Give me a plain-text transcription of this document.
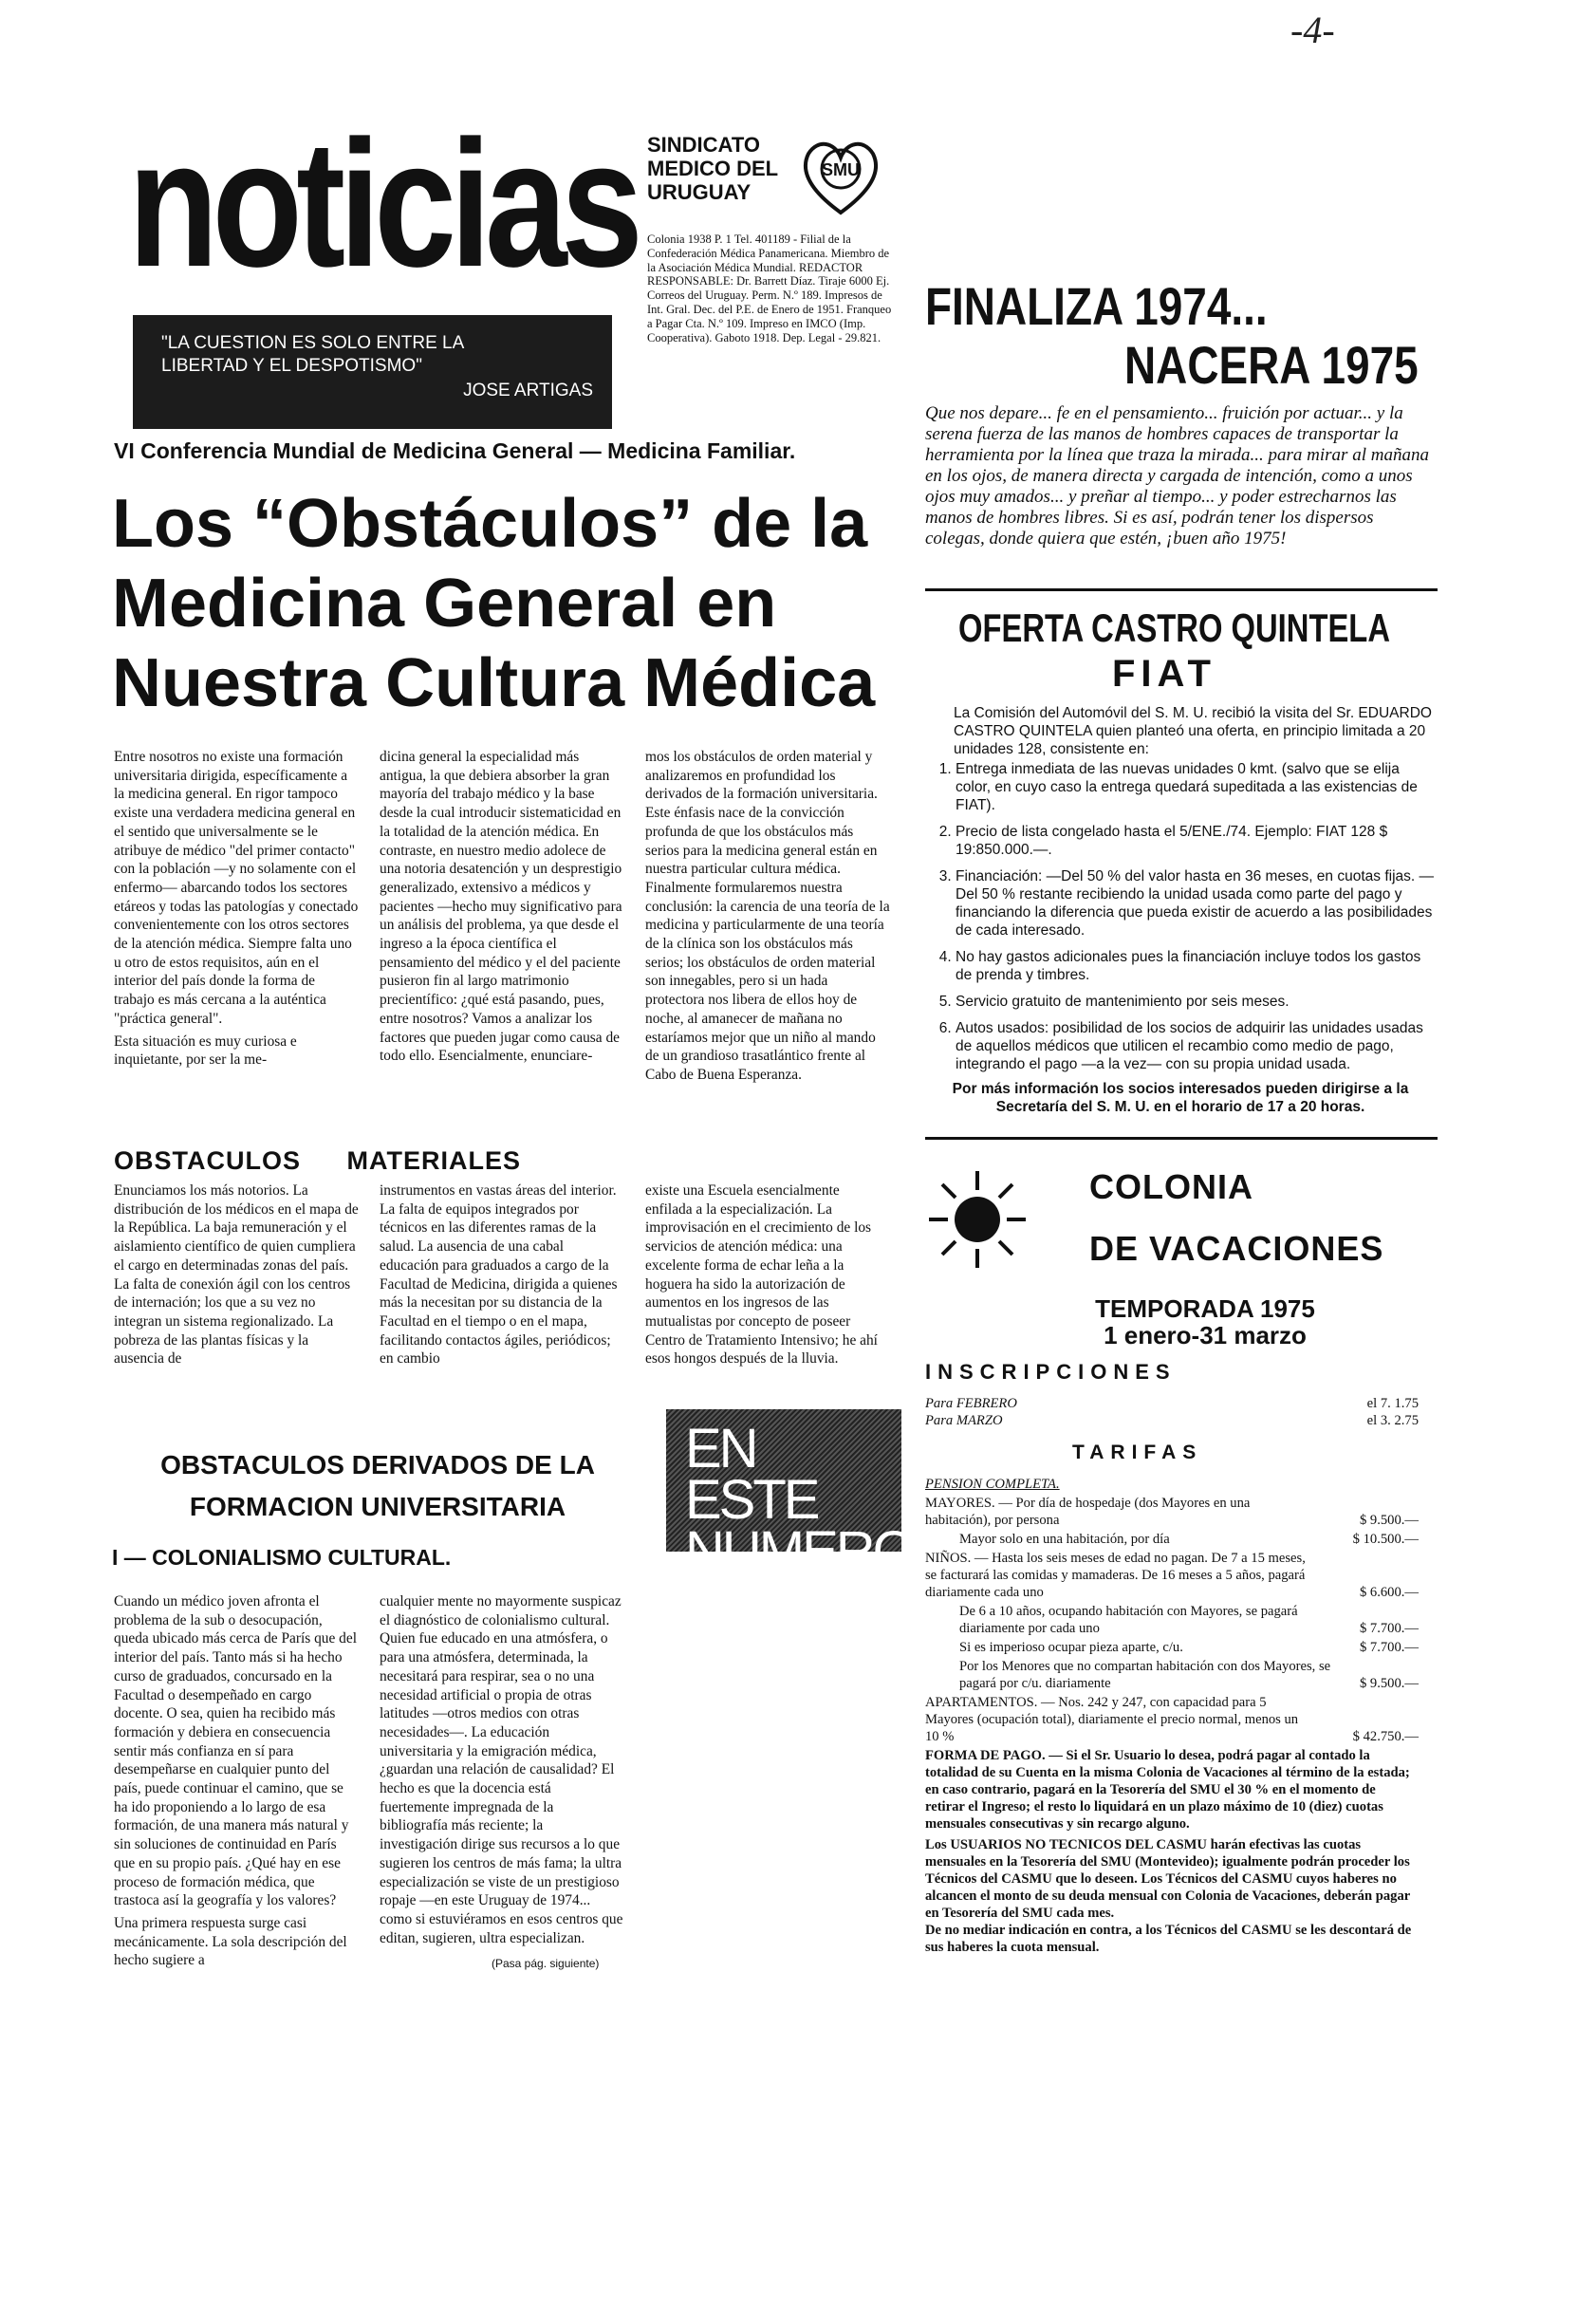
-4-
noticias
"LA CUESTION ES SOLO ENTRE LA LIBERTAD Y EL DESPOTISMO"
JOSE ARTIGAS
SINDICATO
MEDICO DEL
URUGUAY
SMU
Colonia 1938 P. 1 Tel. 401189 - Filial de la Confederación Médica Panamericana. Miembro de la Asociación Médica Mundial. REDACTOR RESPONSABLE: Dr. Barrett Díaz. Tiraje 6000 Ej. Correos del Uruguay. Perm. N.º 189. Impresos de Int. Gral. Dec. del P.E. de Enero de 1951. Franqueo a Pagar Cta. N.º 109. Impreso en IMCO (Imp. Cooperativa). Gaboto 1918. Dep. Legal - 29.821.
VI Conferencia Mundial de Medicina General — Medicina Familiar.
Los “Obstáculos” de la Medicina General en Nuestra Cultura Médica

Entre nosotros no existe una formación universitaria dirigida, específicamente a la medicina general. En rigor tampoco existe una verdadera medicina general en el sentido que universalmente se le atribuye de médico "del primer contacto" con la población —y no solamente con el enfermo— abarcando todos los sectores etáreos y todas las patologías y conectado convenientemente con los otros sectores de la atención médica. Siempre falta uno u otro de estos requisitos, aún en el interior del país donde la forma de trabajo es más cercana a la auténtica "práctica general".

Esta situación es muy curiosa e inquietante, por ser la me-

dicina general la especialidad más antigua, la que debiera absorber la gran mayoría del trabajo médico y la base desde la cual introducir sistematicidad en la totalidad de la atención médica. En contraste, en nuestro medio adolece de una notoria desatención y un desprestigio generalizado, extensivo a médicos y pacientes —hecho muy significativo para un análisis del problema, ya que desde el ingreso a la época científica el pensamiento del médico y el del paciente pusieron fin al largo matrimonio precientífico: ¿qué está pasando, pues, entre nosotros? Vamos a analizar los factores que pueden jugar como causa de todo ello. Esencialmente, enunciare-
mos los obstáculos de orden material y analizaremos en profundidad los derivados de la formación universitaria. Este énfasis nace de la convicción profunda de que los obstáculos más serios para la medicina general están en nuestra particular cultura médica. Finalmente formularemos nuestra conclusión: la carencia de una teoría de la medicina y particularmente de una teoría de la clínica son los obstáculos más serios; los obstáculos de orden material son innegables, pero si un hada protectora nos libera de ellos hoy de noche, al amanecer de mañana no estaríamos mejor que un niño al mando de un grandioso trasatlántico frente al Cabo de Buena Esperanza.
OBSTACULOS MATERIALES
Enunciamos los más notorios. La distribución de los médicos en el mapa de la República. La baja remuneración y el aislamiento científico de quien cumpliera el cargo en determinadas zonas del país. La falta de conexión ágil con los centros de internación; los que a su vez no integran un sistema regionalizado. La pobreza de las plantas físicas y la ausencia de
instrumentos en vastas áreas del interior. La falta de equipos integrados por técnicos en las diferentes ramas de la salud. La ausencia de una cabal educación para graduados a cargo de la Facultad de Medicina, dirigida a quienes más la necesitan por su distancia de la Facultad en el tiempo o en el mapa, facilitando contactos ágiles, periódicos; en cambio
existe una Escuela esencialmente enfilada a la especialización. La improvisación en el crecimiento de los servicios de atención médica: una excelente forma de echar leña a la hoguera ha sido la autorización de aumentos en los ingresos de las mutualistas por concepto de poseer Centro de Tratamiento Intensivo; he ahí esos hongos después de la lluvia.
EN ESTE NUMERO
OBSTACULOS DERIVADOS DE LA FORMACION UNIVERSITARIA
I — COLONIALISMO CULTURAL.

Cuando un médico joven afronta el problema de la sub o desocupación, queda ubicado más cerca de París que del interior del país. Tanto más si ha hecho curso de graduados, concursado en la Facultad o desempeñado en cargo docente. O sea, quien ha recibido más formación y debiera en consecuencia sentir más confianza en sí para desempeñarse en cualquier punto del país, puede continuar el camino, que se ha ido proponiendo a lo largo de esa formación, de una manera más natural y sin soluciones de continuidad en París que en su propio país. ¿Qué hay en ese proceso de formación médica, que trastoca así la geografía y los valores?

Una primera respuesta surge casi mecánicamente. La sola descripción del hecho sugiere a

cualquier mente no mayormente suspicaz el diagnóstico de colonialismo cultural. Quien fue educado en una atmósfera, o para una atmósfera, determinada, la necesitará para respirar, sea o no una necesidad artificial o propia de otras latitudes —otros medios con otras necesidades—. La educación universitaria y la emigración médica, ¿guardan una relación de causalidad? El hecho es que la docencia está fuertemente impregnada de la bibliografía más reciente; la investigación dirige sus recursos a lo que sugieren los centros de más fama; la ultra especialización se viste de un prestigioso ropaje —en este Uruguay de 1974... como si estuviéramos en esos centros que editan, sugieren, ultra especializan.
(Pasa pág. siguiente)
FINALIZA 1974...
NACERA 1975
Que nos depare... fe en el pensamiento... fruición por actuar... y la serena fuerza de las manos de hombres capaces de transportar la herramienta por la línea que traza la mirada... para mirar al mañana en los ojos, de manera directa y cargada de intención, como a unos ojos muy amados... y preñar al tiempo... y poder estrecharnos las manos de hombres libres. Si es así, podrán tener los dispersos colegas, donde quiera que estén, ¡buen año 1975!
OFERTA CASTRO QUINTELA
FIAT
La Comisión del Automóvil del S. M. U. recibió la visita del Sr. EDUARDO CASTRO QUINTELA quien planteó una oferta, en principio limitada a 20 unidades 128, consistente en:
1. Entrega inmediata de las nuevas unidades 0 kmt. (salvo que se elija color, en cuyo caso la entrega quedará supeditada a las existencias de FIAT).
2. Precio de lista congelado hasta el 5/ENE./74. Ejemplo: FIAT 128 $ 19:850.000.—.
3. Financiación: —Del 50 % del valor hasta en 36 meses, en cuotas fijas. —Del 50 % restante recibiendo la unidad usada como parte del pago y financiando la diferencia que pueda existir de acuerdo a las posibilidades de cada interesado.
4. No hay gastos adicionales pues la financiación incluye todos los gastos de prenda y timbres.
5. Servicio gratuito de mantenimiento por seis meses.
6. Autos usados: posibilidad de los socios de adquirir las unidades usadas de aquellos médicos que utilicen el recambio como medio de pago, integrando el pago —a la vez— con su propia unidad usada.
Por más información los socios interesados pueden dirigirse a la Secretaría del S. M. U. en el horario de 17 a 20 horas.
COLONIA
DE VACACIONES
TEMPORADA 1975
1 enero-31 marzo
INSCRIPCIONES
Para FEBRERO	el 7. 1.75
Para MARZO	el 3. 2.75
TARIFAS
PENSION COMPLETA.
MAYORES. — Por día de hospedaje (dos Mayores en una habitación), por persona	$ 9.500.—
Mayor solo en una habitación, por día	$ 10.500.—
NIÑOS. — Hasta los seis meses de edad no pagan. De 7 a 15 meses, se facturará las comidas y mamaderas. De 16 meses a 5 años, pagará diariamente cada uno	$ 6.600.—
De 6 a 10 años, ocupando habitación con Mayores, se pagará diariamente por cada uno	$ 7.700.—
Si es imperioso ocupar pieza aparte, c/u.	$ 7.700.—
Por los Menores que no compartan habitación con dos Mayores, se pagará por c/u. diariamente	$ 9.500.—
APARTAMENTOS. — Nos. 242 y 247, con capacidad para 5 Mayores (ocupación total), diariamente el precio normal, menos un 10 %	$ 42.750.—
FORMA DE PAGO. — Si el Sr. Usuario lo desea, podrá pagar al contado la totalidad de su Cuenta en la misma Colonia de Vacaciones al término de la estada; en caso contrario, pagará en la Tesorería del SMU el 30 % en el momento de retirar el Ingreso; el resto lo liquidará en un plazo máximo de 10 (diez) cuotas mensuales consecutivas y sin recargo alguno.
Los USUARIOS NO TECNICOS DEL CASMU harán efectivas las cuotas mensuales en la Tesorería del SMU (Montevideo); igualmente podrán proceder los Técnicos del CASMU que lo deseen. Los Técnicos del CASMU cuyos haberes no alcancen el monto de su deuda mensual con Colonia de Vacaciones, deberán pagar en Tesorería del SMU cada mes.
De no mediar indicación en contra, a los Técnicos del CASMU se les descontará de sus haberes la cuota mensual.
